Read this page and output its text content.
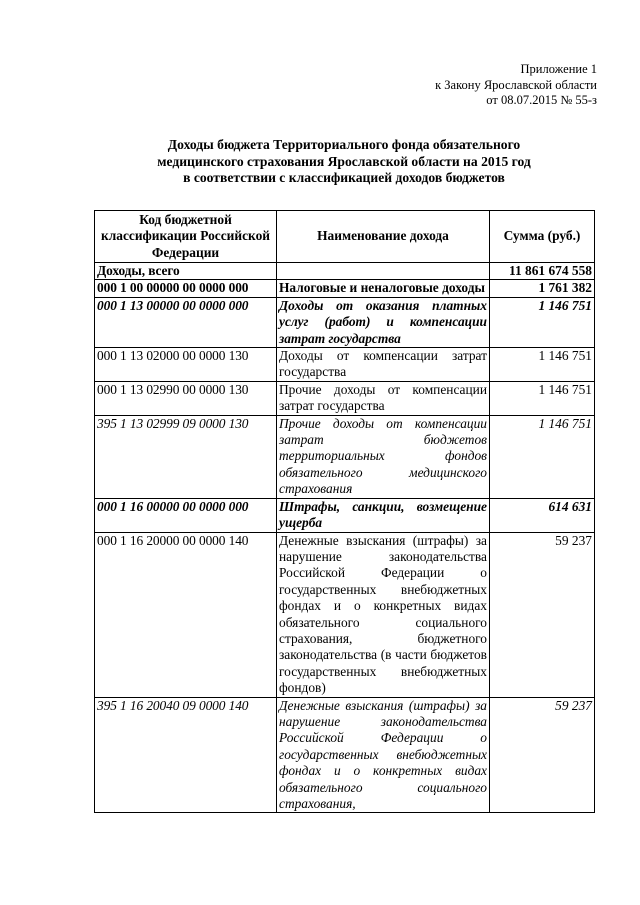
Приложение 1
к Закону Ярославской области
от 08.07.2015 № 55-з
Доходы бюджета Территориального фонда обязательного
медицинского страхования Ярославской области на 2015 год
в соответствии с классификацией доходов бюджетов
Код бюджетной классификации Российской Федерации	Наименование дохода	Сумма (руб.)
Доходы, всего		11 861 674 558
000 1 00 00000 00 0000 000	Налоговые и неналоговые доходы	1 761 382
000 1 13 00000 00 0000 000	Доходы от оказания платных услуг (работ) и компенсации затрат государства	1 146 751
000 1 13 02000 00 0000 130	Доходы от компенсации затрат государства	1 146 751
000 1 13 02990 00 0000 130	Прочие доходы от компенсации затрат государства	1 146 751
395 1 13 02999 09 0000 130	Прочие доходы от компенсации затрат бюджетов территориальных фондов обязательного медицинского страхования	1 146 751
000 1 16 00000 00 0000 000	Штрафы, санкции, возмещение ущерба	614 631
000 1 16 20000 00 0000 140	Денежные взыскания (штрафы) за нарушение законодательства Российской Федерации о государственных внебюджетных фондах и о конкретных видах обязательного социального страхования, бюджетного законодательства (в части бюджетов государственных внебюджетных фондов)	59 237
395 1 16 20040 09 0000 140	Денежные взыскания (штрафы) за нарушение законодательства Российской Федерации о государственных внебюджетных фондах и о конкретных видах обязательного социального страхования,	59 237
